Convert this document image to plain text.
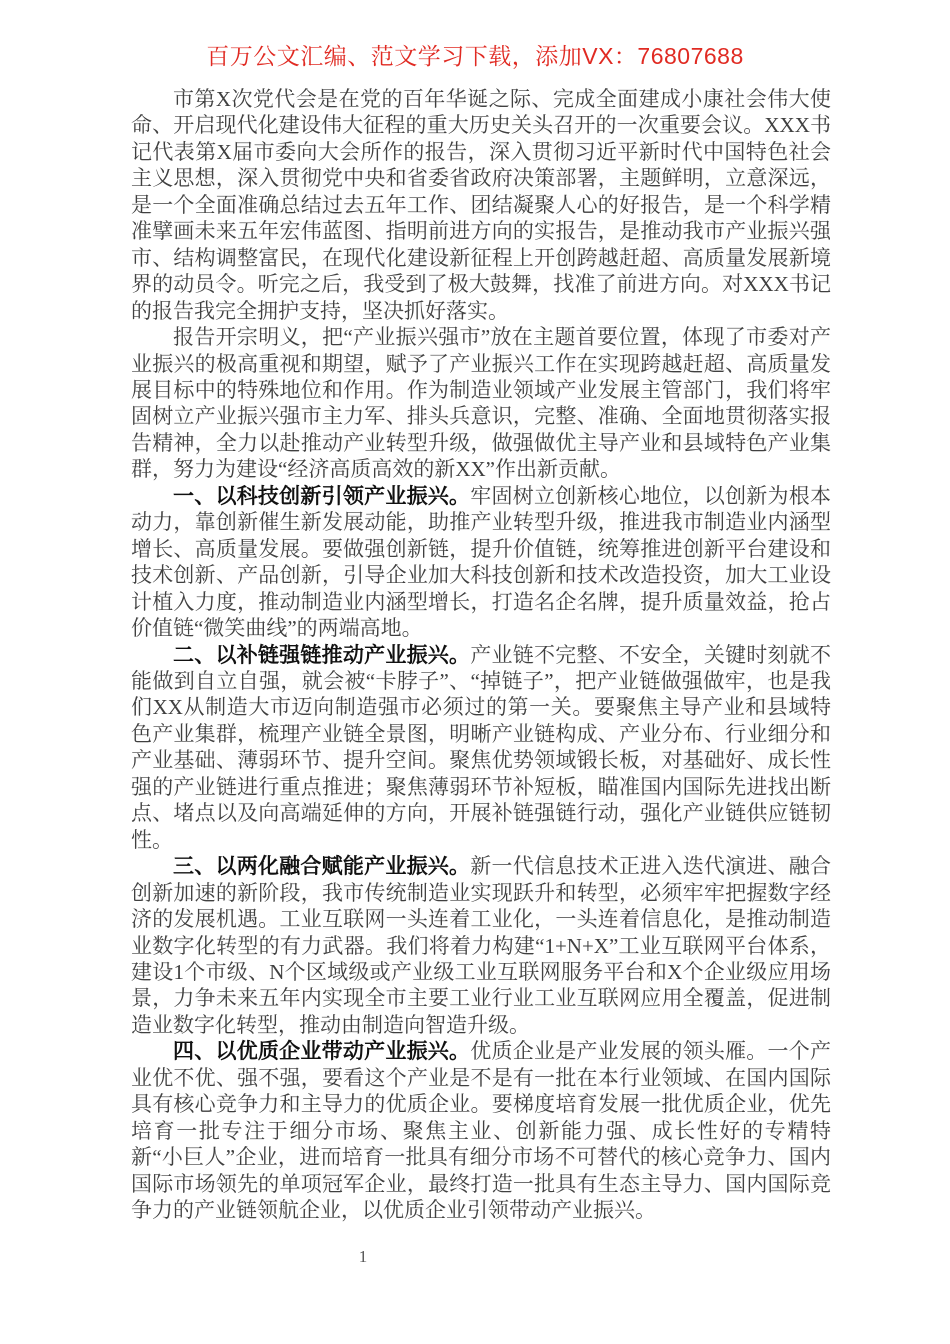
百万公文汇编、范文学习下载，添加VX：76807688

市第X次党代会是在党的百年华诞之际、完成全面建成小康社会伟大使命、开启现代化建设伟大征程的重大历史关头召开的一次重要会议。XXX书记代表第X届市委向大会所作的报告，深入贯彻习近平新时代中国特色社会主义思想，深入贯彻党中央和省委省政府决策部署，主题鲜明，立意深远，是一个全面准确总结过去五年工作、团结凝聚人心的好报告，是一个科学精准擘画未来五年宏伟蓝图、指明前进方向的实报告，是推动我市产业振兴强市、结构调整富民，在现代化建设新征程上开创跨越赶超、高质量发展新境界的动员令。听完之后，我受到了极大鼓舞，找准了前进方向。对XXX书记的报告我完全拥护支持，坚决抓好落实。

报告开宗明义，把“产业振兴强市”放在主题首要位置，体现了市委对产业振兴的极高重视和期望，赋予了产业振兴工作在实现跨越赶超、高质量发展目标中的特殊地位和作用。作为制造业领域产业发展主管部门，我们将牢固树立产业振兴强市主力军、排头兵意识，完整、准确、全面地贯彻落实报告精神，全力以赴推动产业转型升级，做强做优主导产业和县域特色产业集群，努力为建设“经济高质高效的新XX”作出新贡献。

一、以科技创新引领产业振兴。牢固树立创新核心地位，以创新为根本动力，靠创新催生新发展动能，助推产业转型升级，推进我市制造业内涵型增长、高质量发展。要做强创新链，提升价值链，统筹推进创新平台建设和技术创新、产品创新，引导企业加大科技创新和技术改造投资，加大工业设计植入力度，推动制造业内涵型增长，打造名企名牌，提升质量效益，抢占价值链“微笑曲线”的两端高地。

二、以补链强链推动产业振兴。产业链不完整、不安全，关键时刻就不能做到自立自强，就会被“卡脖子”、“掉链子”，把产业链做强做牢，也是我们XX从制造大市迈向制造强市必须过的第一关。要聚焦主导产业和县域特色产业集群，梳理产业链全景图，明晰产业链构成、产业分布、行业细分和产业基础、薄弱环节、提升空间。聚焦优势领域锻长板，对基础好、成长性强的产业链进行重点推进；聚焦薄弱环节补短板，瞄准国内国际先进找出断点、堵点以及向高端延伸的方向，开展补链强链行动，强化产业链供应链韧性。

三、以两化融合赋能产业振兴。新一代信息技术正进入迭代演进、融合创新加速的新阶段，我市传统制造业实现跃升和转型，必须牢牢把握数字经济的发展机遇。工业互联网一头连着工业化，一头连着信息化，是推动制造业数字化转型的有力武器。我们将着力构建“1+N+X”工业互联网平台体系，建设1个市级、N个区域级或产业级工业互联网服务平台和X个企业级应用场景，力争未来五年内实现全市主要工业行业工业互联网应用全覆盖，促进制造业数字化转型，推动由制造向智造升级。

四、以优质企业带动产业振兴。优质企业是产业发展的领头雁。一个产业优不优、强不强，要看这个产业是不是有一批在本行业领域、在国内国际具有核心竞争力和主导力的优质企业。要梯度培育发展一批优质企业，优先培育一批专注于细分市场、聚焦主业、创新能力强、成长性好的专精特新“小巨人”企业，进而培育一批具有细分市场不可替代的核心竞争力、国内国际市场领先的单项冠军企业，最终打造一批具有生态主导力、国内国际竞争力的产业链领航企业，以优质企业引领带动产业振兴。

1
